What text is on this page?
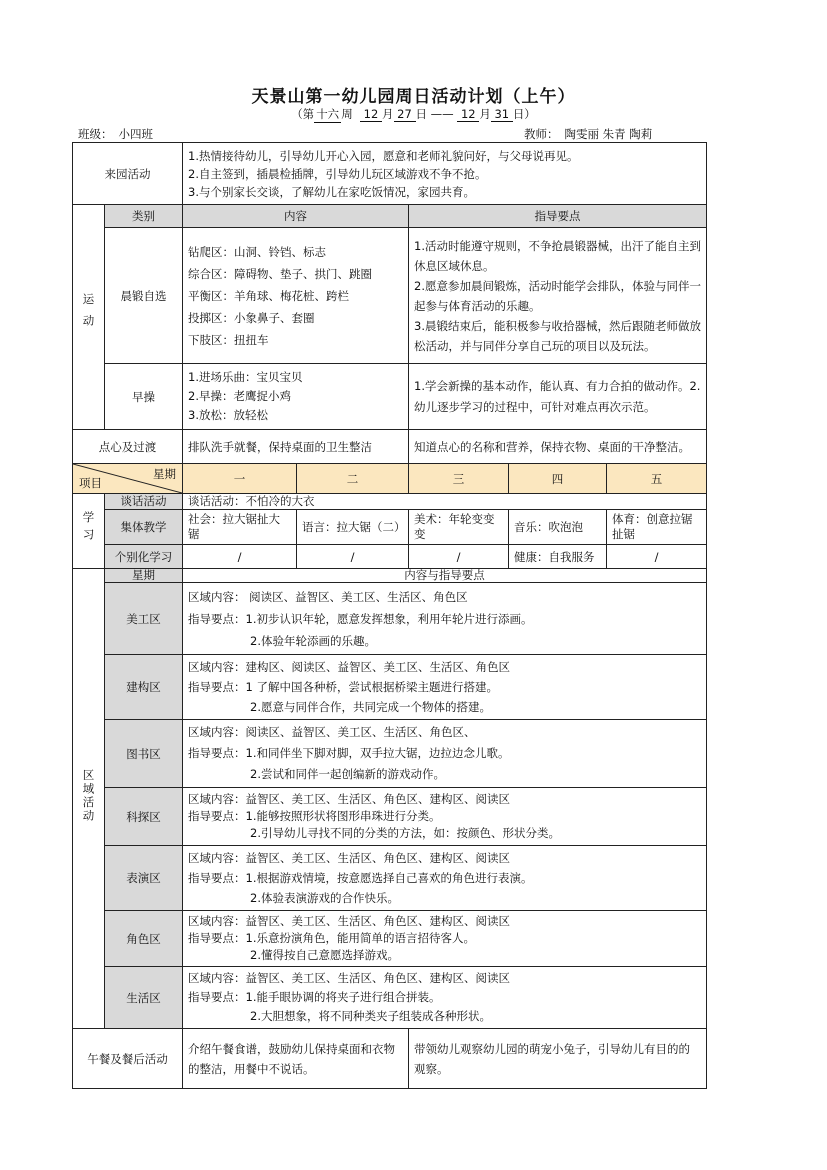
天景山第一幼儿园周日活动计划（上午）
（第 十六 周 12 月 27 日 —— 12 月 31 日）
班级： 小四班	教师： 陶雯丽 朱青 陶莉
来园活动		1.热情接待幼儿，引导幼儿开心入园，愿意和老师礼貌问好，与父母说再见。
2.自主签到，插晨检插牌，引导幼儿玩区域游戏不争不抢。
3.与个别家长交谈，了解幼儿在家吃饭情况，家园共育。				

运动	类别	内容		指导要点		
	晨锻自选	钻爬区：山洞、铃铛、标志
综合区：障碍物、垫子、拱门、跳圈
平衡区：羊角球、梅花桩、跨栏
投掷区：小象鼻子、套圈
下肢区：扭扭车		1.活动时能遵守规则，不争抢晨锻器械，出汗了能自主到休息区域休息。
2.愿意参加晨间锻炼，活动时能学会排队，体验与同伴一起参与体育活动的乐趣。
3.晨锻结束后，能积极参与收拾器械，然后跟随老师做放松活动，并与同伴分享自己玩的项目以及玩法。		

	早操	1.进场乐曲：宝贝宝贝
2.早操：老鹰捉小鸡
3.放松：放轻松		1.学会新操的基本动作，能认真、有力合拍的做动作。2.幼儿逐步学习的过程中，可针对难点再次示范。		
点心及过渡		排队洗手就餐，保持桌面的卫生整洁		知道点心的名称和营养，保持衣物、桌面的干净整洁。		

星期
项目		一	二	三	四	五
学习	谈话活动	谈话活动：不怕冷的大衣				
	集体教学	社会：拉大锯扯大锯	语言：拉大锯（二）	美术：年轮变变变	音乐：吹泡泡	体育：创意拉锯扯锯
	个别化学习	/	/	/	健康：自我服务	/
区域活动	星期	内容与指导要点				
	美工区	区域内容： 阅读区、益智区、美工区、生活区、角色区
指导要点：1.初步认识年轮，愿意发挥想象，利用年轮片进行添画。
2.体验年轮添画的乐趣。				

	建构区	区域内容：建构区、阅读区、益智区、美工区、生活区、角色区
指导要点：1 了解中国各种桥，尝试根据桥梁主题进行搭建。
2.愿意与同伴合作，共同完成一个物体的搭建。				

	图书区	区域内容：阅读区、益智区、美工区、生活区、角色区、
指导要点：1.和同伴坐下脚对脚，双手拉大锯，边拉边念儿歌。
2.尝试和同伴一起创编新的游戏动作。				

	科探区	区域内容：益智区、美工区、生活区、角色区、建构区、阅读区
指导要点：1.能够按照形状将图形串珠进行分类。
2.引导幼儿寻找不同的分类的方法，如：按颜色、形状分类。				

	表演区	区域内容：益智区、美工区、生活区、角色区、建构区、阅读区
指导要点：1.根据游戏情境，按意愿选择自己喜欢的角色进行表演。
2.体验表演游戏的合作快乐。				

	角色区	区域内容：益智区、美工区、生活区、角色区、建构区、阅读区
指导要点：1.乐意扮演角色，能用简单的语言招待客人。
2.懂得按自己意愿选择游戏。				

	生活区	区域内容：益智区、美工区、生活区、角色区、建构区、阅读区
指导要点：1.能手眼协调的将夹子进行组合拼装。
2.大胆想象，将不同种类夹子组装成各种形状。				

午餐及餐后活动		介绍午餐食谱，鼓励幼儿保持桌面和衣物的整洁，用餐中不说话。		带领幼儿观察幼儿园的萌宠小兔子，引导幼儿有目的的观察。		
